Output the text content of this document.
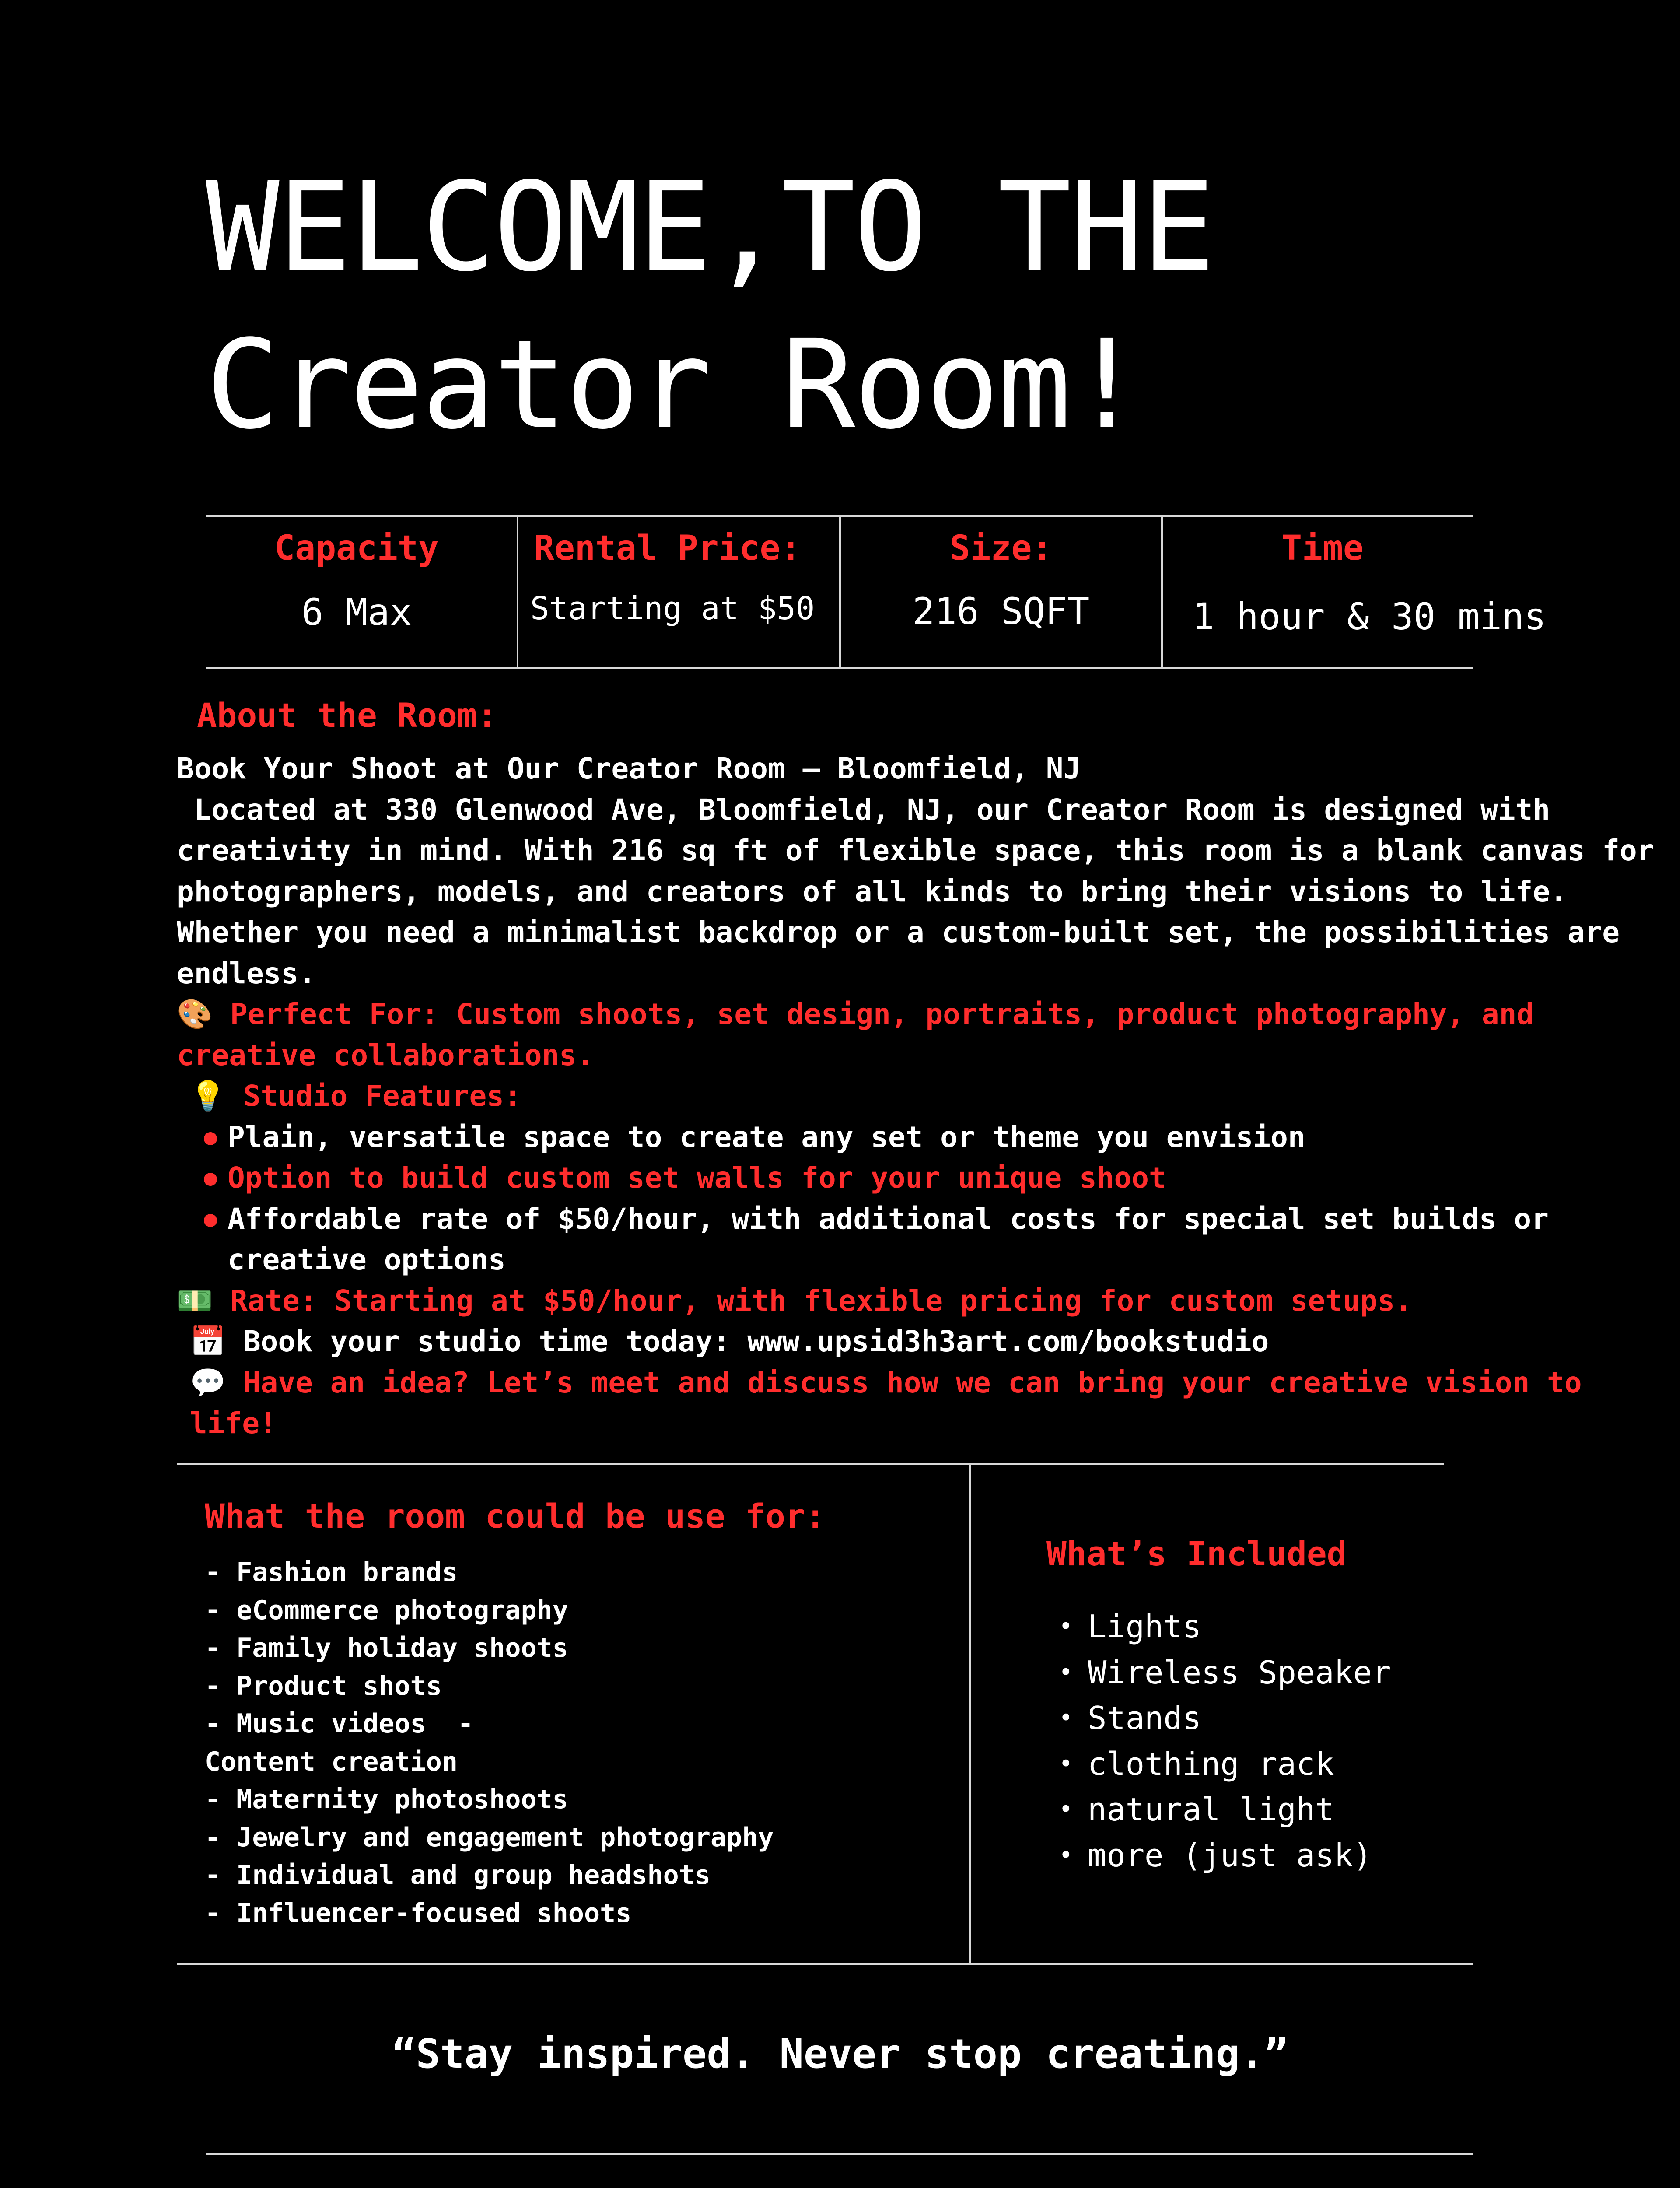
WELCOME,TO THE
Creator Room!
Capacity
6 Max
Rental Price:
Starting at $50
Size:
216 SQFT
Time
1 hour & 30 mins
About the Room:

Book Your Shoot at Our Creator Room – Bloomfield, NJ

Located at 330 Glenwood Ave, Bloomfield, NJ, our Creator Room is designed with creativity in mind. With 216 sq ft of flexible space, this room is a blank canvas for photographers, models, and creators of all kinds to bring their visions to life. Whether you need a minimalist backdrop or a custom-built set, the possibilities are endless.

🎨 Perfect For: Custom shoots, set design, portraits, product photography, and creative collaborations.

💡 Studio Features:

● Plain, versatile space to create any set or theme you envision
● Option to build custom set walls for your unique shoot
● Affordable rate of $50/hour, with additional costs for special set builds or creative options

💵 Rate: Starting at $50/hour, with flexible pricing for custom setups.

📅 Book your studio time today: www.upsid3h3art.com/bookstudio

💬 Have an idea? Let’s meet and discuss how we can bring your creative vision to life!

What the room could be use for:
- Fashion brands
- eCommerce photography
- Family holiday shoots
- Product shots
- Music videos  -
Content creation
- Maternity photoshoots
- Jewelry and engagement photography
- Individual and group headshots
- Influencer-focused shoots
What’s Included
• Lights
• Wireless Speaker
• Stands
• clothing rack
• natural light
• more (just ask)
“Stay inspired. Never stop creating.”
